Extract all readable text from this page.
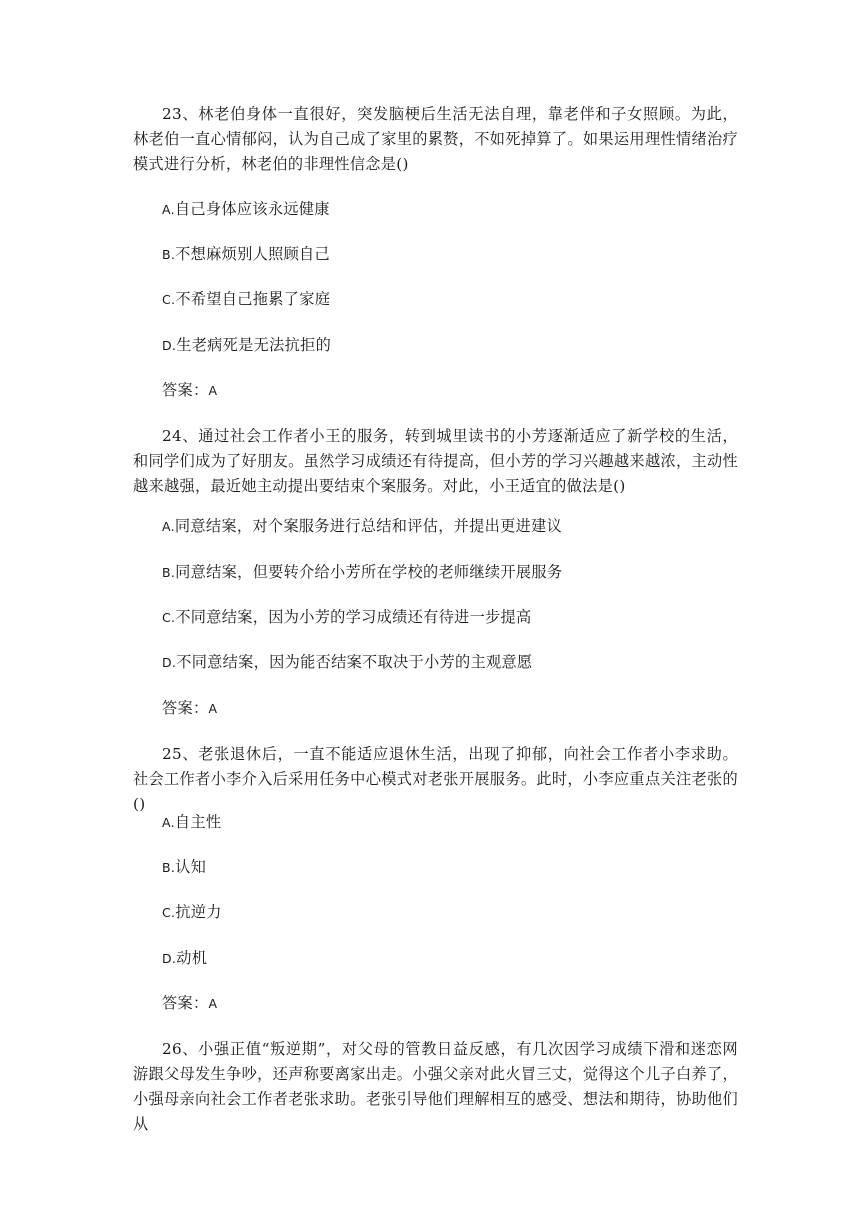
23、林老伯身体一直很好，突发脑梗后生活无法自理，靠老伴和子女照顾。为此，林老伯一直心情郁闷，认为自己成了家里的累赘，不如死掉算了。如果运用理性情绪治疗模式进行分析，林老伯的非理性信念是()

A.自己身体应该永远健康

B.不想麻烦别人照顾自己

C.不希望自己拖累了家庭

D.生老病死是无法抗拒的

答案：A

24、通过社会工作者小王的服务，转到城里读书的小芳逐渐适应了新学校的生活，和同学们成为了好朋友。虽然学习成绩还有待提高，但小芳的学习兴趣越来越浓，主动性越来越强，最近她主动提出要结束个案服务。对此，小王适宜的做法是()

A.同意结案，对个案服务进行总结和评估，并提出更进建议

B.同意结案，但要转介给小芳所在学校的老师继续开展服务

C.不同意结案，因为小芳的学习成绩还有待进一步提高

D.不同意结案，因为能否结案不取决于小芳的主观意愿

答案：A

25、老张退休后，一直不能适应退休生活，出现了抑郁，向社会工作者小李求助。社会工作者小李介入后采用任务中心模式对老张开展服务。此时，小李应重点关注老张的()

A.自主性

B.认知

C.抗逆力

D.动机

答案：A

26、小强正值“叛逆期”，对父母的管教日益反感，有几次因学习成绩下滑和迷恋网游跟父母发生争吵，还声称要离家出走。小强父亲对此火冒三丈，觉得这个儿子白养了，小强母亲向社会工作者老张求助。老张引导他们理解相互的感受、想法和期待，协助他们从
